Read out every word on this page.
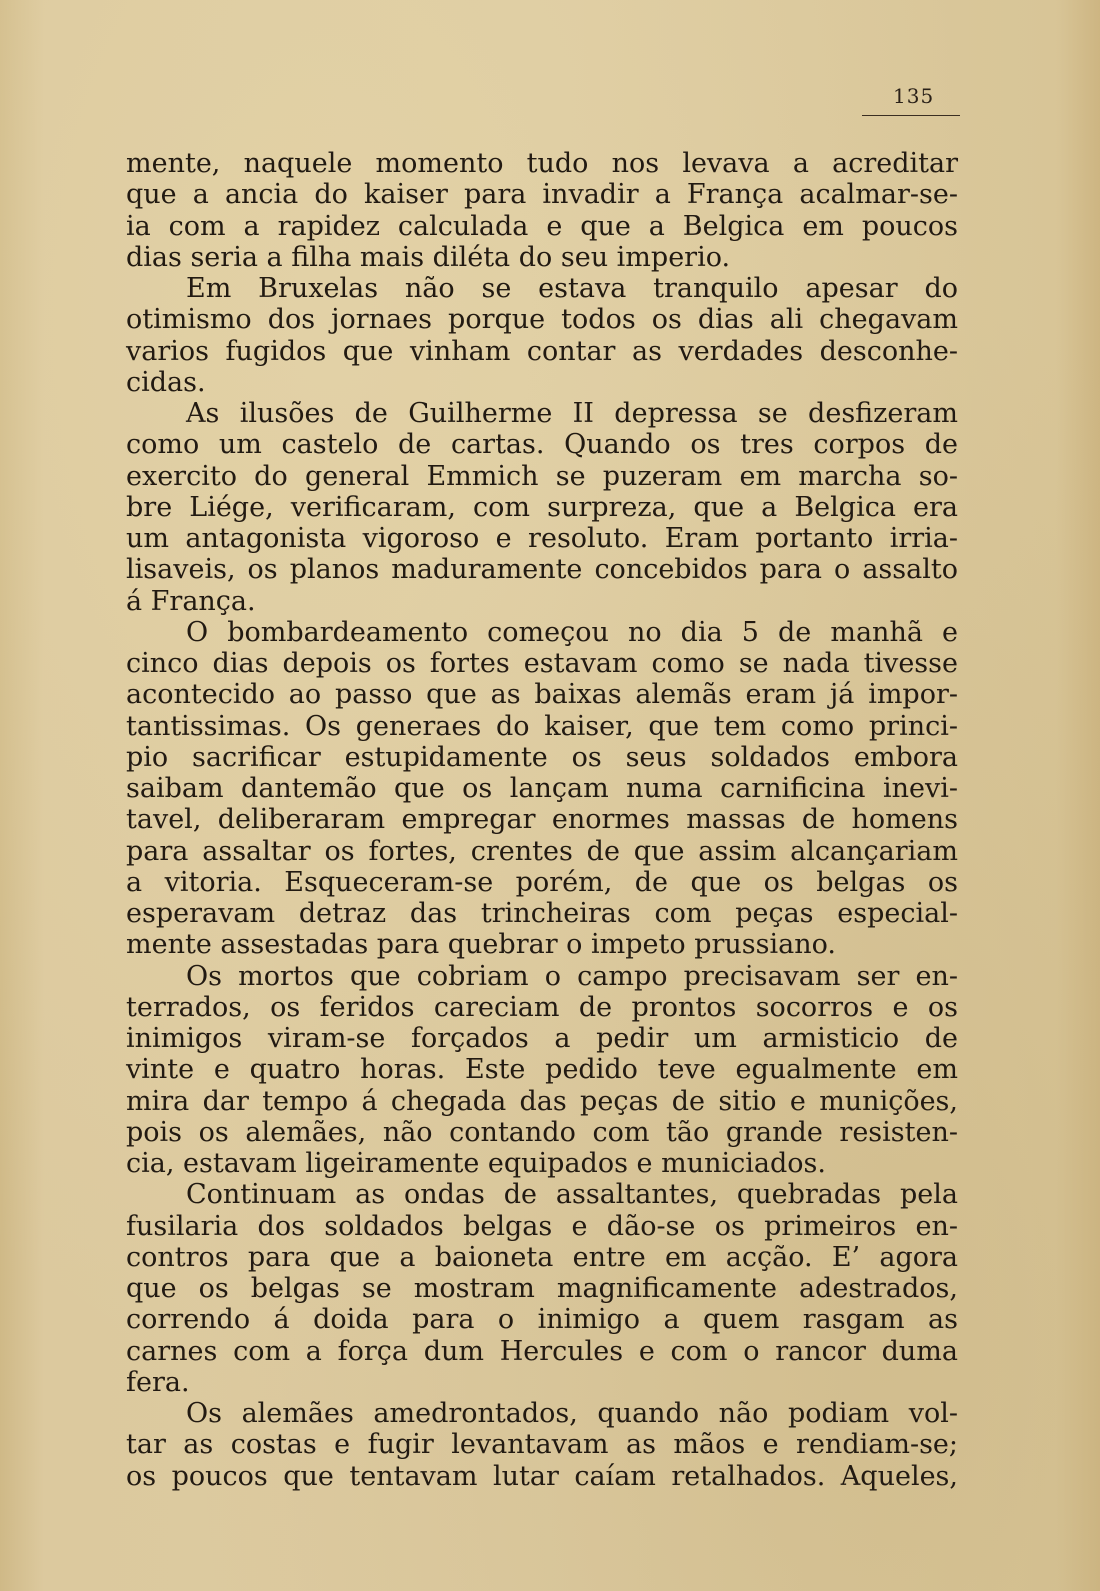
135
mente, naquele momento tudo nos levava a acreditar
que a ancia do kaiser para invadir a França acalmar-se-
ia com a rapidez calculada e que a Belgica em poucos
dias seria a filha mais diléta do seu imperio.
Em Bruxelas não se estava tranquilo apesar do
otimismo dos jornaes porque todos os dias ali chegavam
varios fugidos que vinham contar as verdades desconhe-
cidas.
As ilusões de Guilherme II depressa se desfizeram
como um castelo de cartas. Quando os tres corpos de
exercito do general Emmich se puzeram em marcha so-
bre Liége, verificaram, com surpreza, que a Belgica era
um antagonista vigoroso e resoluto. Eram portanto irria-
lisaveis, os planos maduramente concebidos para o assalto
á França.
O bombardeamento começou no dia 5 de manhã e
cinco dias depois os fortes estavam como se nada tivesse
acontecido ao passo que as baixas alemãs eram já impor-
tantissimas. Os generaes do kaiser, que tem como princi-
pio sacrificar estupidamente os seus soldados embora
saibam dantemão que os lançam numa carnificina inevi-
tavel, deliberaram empregar enormes massas de homens
para assaltar os fortes, crentes de que assim alcançariam
a vitoria. Esqueceram-se porém, de que os belgas os
esperavam detraz das trincheiras com peças especial-
mente assestadas para quebrar o impeto prussiano.
Os mortos que cobriam o campo precisavam ser en-
terrados, os feridos careciam de prontos socorros e os
inimigos viram-se forçados a pedir um armisticio de
vinte e quatro horas. Este pedido teve egualmente em
mira dar tempo á chegada das peças de sitio e munições,
pois os alemães, não contando com tão grande resisten-
cia, estavam ligeiramente equipados e municiados.
Continuam as ondas de assaltantes, quebradas pela
fusilaria dos soldados belgas e dão-se os primeiros en-
contros para que a baioneta entre em acção. E’ agora
que os belgas se mostram magnificamente adestrados,
correndo á doida para o inimigo a quem rasgam as
carnes com a força dum Hercules e com o rancor duma
fera.
Os alemães amedrontados, quando não podiam vol-
tar as costas e fugir levantavam as mãos e rendiam-se;
os poucos que tentavam lutar caíam retalhados. Aqueles,
